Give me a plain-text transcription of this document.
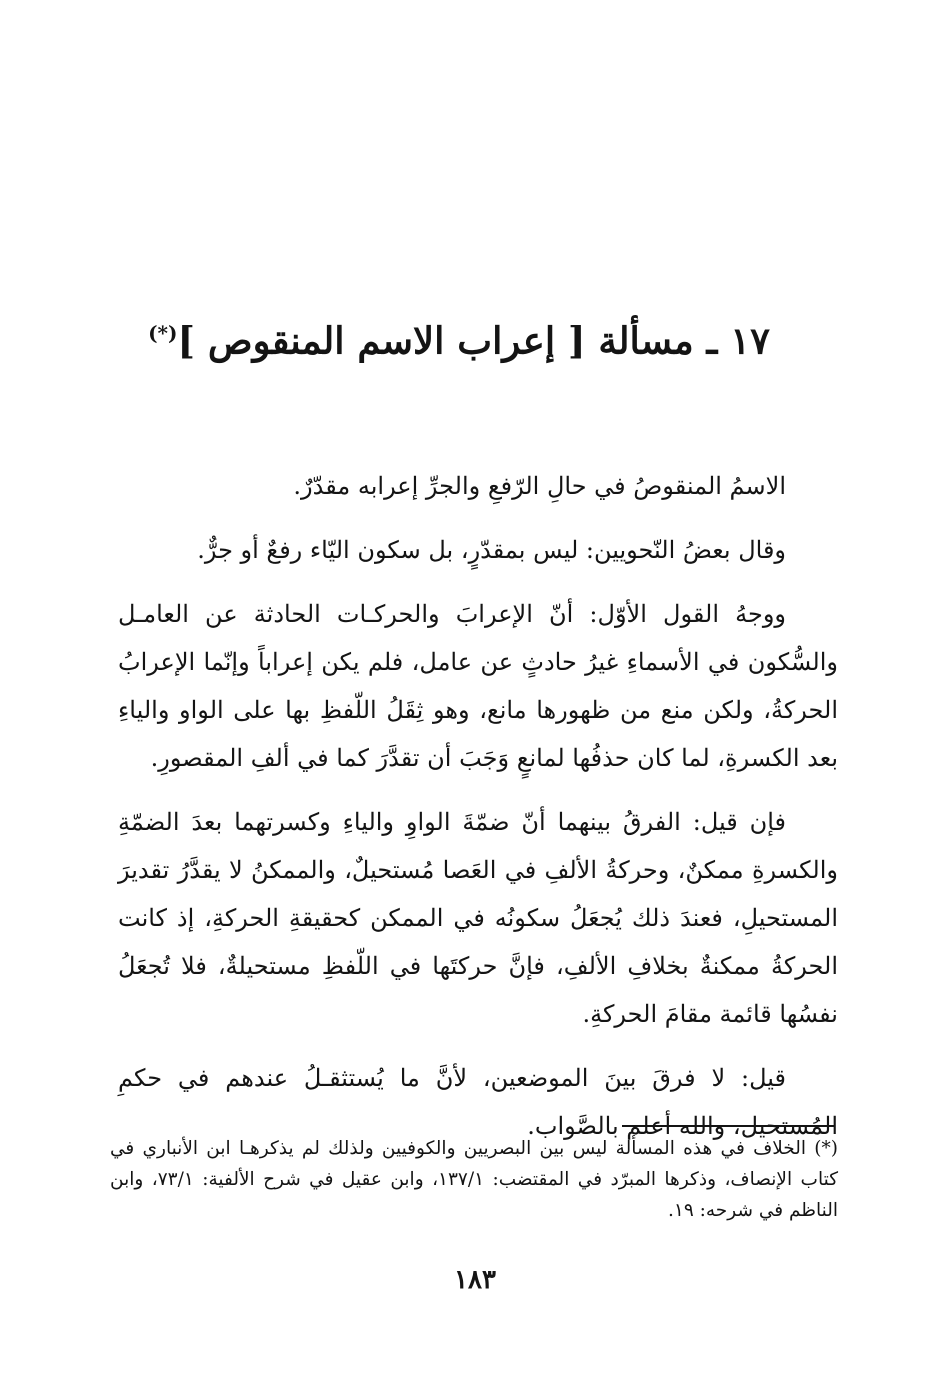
١٧ ـ مسألة [ إعراب الاسم المنقوص ](*)

الاسمُ المنقوصُ في حالِ الرّفعِ والجرِّ إعرابه مقدّرٌ.

وقال بعضُ النّحويين: ليس بمقدّرٍ، بل سكون اليّاء رفعٌ أو جرٌّ.

ووجهُ القول الأوّل: أنّ الإعرابَ والحركـات الحادثة عن العامـل والسُّكون في الأسماءِ غيرُ حادثٍ عن عامل، فلم يكن إعراباً وإنّما الإعرابُ الحركةُ، ولكن منع من ظهورها مانع، وهو ثِقَلُ اللّفظِ بها على الواو والياءِ بعد الكسرةِ، لما كان حذفُها لمانعٍ وَجَبَ أن تقدَّرَ كما في ألفِ المقصورِ.

فإن قيل: الفرقُ بينهما أنّ ضمّةَ الواوِ والياءِ وكسرتهما بعدَ الضمّةِ والكسرةِ ممكنٌ، وحركةُ الألفِ في العَصا مُستحيلٌ، والممكنُ لا يقدَّرُ تقديرَ المستحيلِ، فعندَ ذلك يُجعَلُ سكونُه في الممكن كحقيقةِ الحركةِ، إذ كانت الحركةُ ممكنةٌ بخلافِ الألفِ، فإنَّ حركتَها في اللّفظِ مستحيلةٌ، فلا تُجعَلُ نفسُها قائمة مقامَ الحركةِ.

قيل: لا فرقَ بينَ الموضعين، لأنَّ ما يُستثقـلُ عندهم في حكمِ المُستحيل، والله أعلم بالصَّواب.

(*) الخلاف في هذه المسألة ليس بين البصريين والكوفيين ولذلك لم يذكرهـا ابن الأنباري في كتاب الإنصاف، وذكرها المبرّد في المقتضب: ١٣٧/١، وابن عقيل في شرح الألفية: ٧٣/١، وابن الناظم في شرحه: ١٩.

١٨٣
